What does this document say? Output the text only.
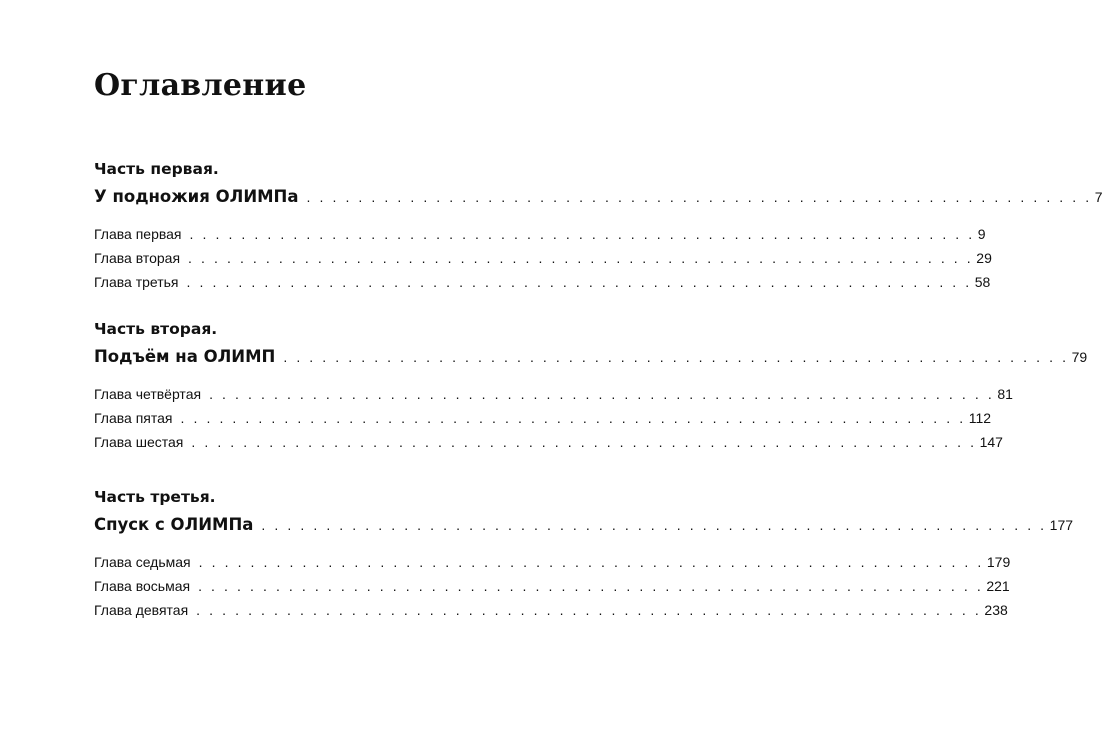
Оглавление
Часть первая.
У подножия ОЛИМПа . . . . . . . . . . . . . . . . . . . . . . . . . . . . . . . . . . . . . . . . . . . . . . . . . . . . . . . . . . . . . 7
Глава первая . . . . . . . . . . . . . . . . . . . . . . . . . . . . . . . . . . . . . . . . . . . . . . . . . . . . . . . . . . . . . 9
Глава вторая . . . . . . . . . . . . . . . . . . . . . . . . . . . . . . . . . . . . . . . . . . . . . . . . . . . . . . . . . . . . . 29
Глава третья . . . . . . . . . . . . . . . . . . . . . . . . . . . . . . . . . . . . . . . . . . . . . . . . . . . . . . . . . . . . . 58
Часть вторая.
Подъём на ОЛИМП . . . . . . . . . . . . . . . . . . . . . . . . . . . . . . . . . . . . . . . . . . . . . . . . . . . . . . . . . . . . . 79
Глава четвёртая . . . . . . . . . . . . . . . . . . . . . . . . . . . . . . . . . . . . . . . . . . . . . . . . . . . . . . . . . . . . . 81
Глава пятая . . . . . . . . . . . . . . . . . . . . . . . . . . . . . . . . . . . . . . . . . . . . . . . . . . . . . . . . . . . . . 112
Глава шестая . . . . . . . . . . . . . . . . . . . . . . . . . . . . . . . . . . . . . . . . . . . . . . . . . . . . . . . . . . . . . 147
Часть третья.
Спуск с ОЛИМПа . . . . . . . . . . . . . . . . . . . . . . . . . . . . . . . . . . . . . . . . . . . . . . . . . . . . . . . . . . . . . 177
Глава седьмая . . . . . . . . . . . . . . . . . . . . . . . . . . . . . . . . . . . . . . . . . . . . . . . . . . . . . . . . . . . . . 179
Глава восьмая . . . . . . . . . . . . . . . . . . . . . . . . . . . . . . . . . . . . . . . . . . . . . . . . . . . . . . . . . . . . . 221
Глава девятая . . . . . . . . . . . . . . . . . . . . . . . . . . . . . . . . . . . . . . . . . . . . . . . . . . . . . . . . . . . . . 238
